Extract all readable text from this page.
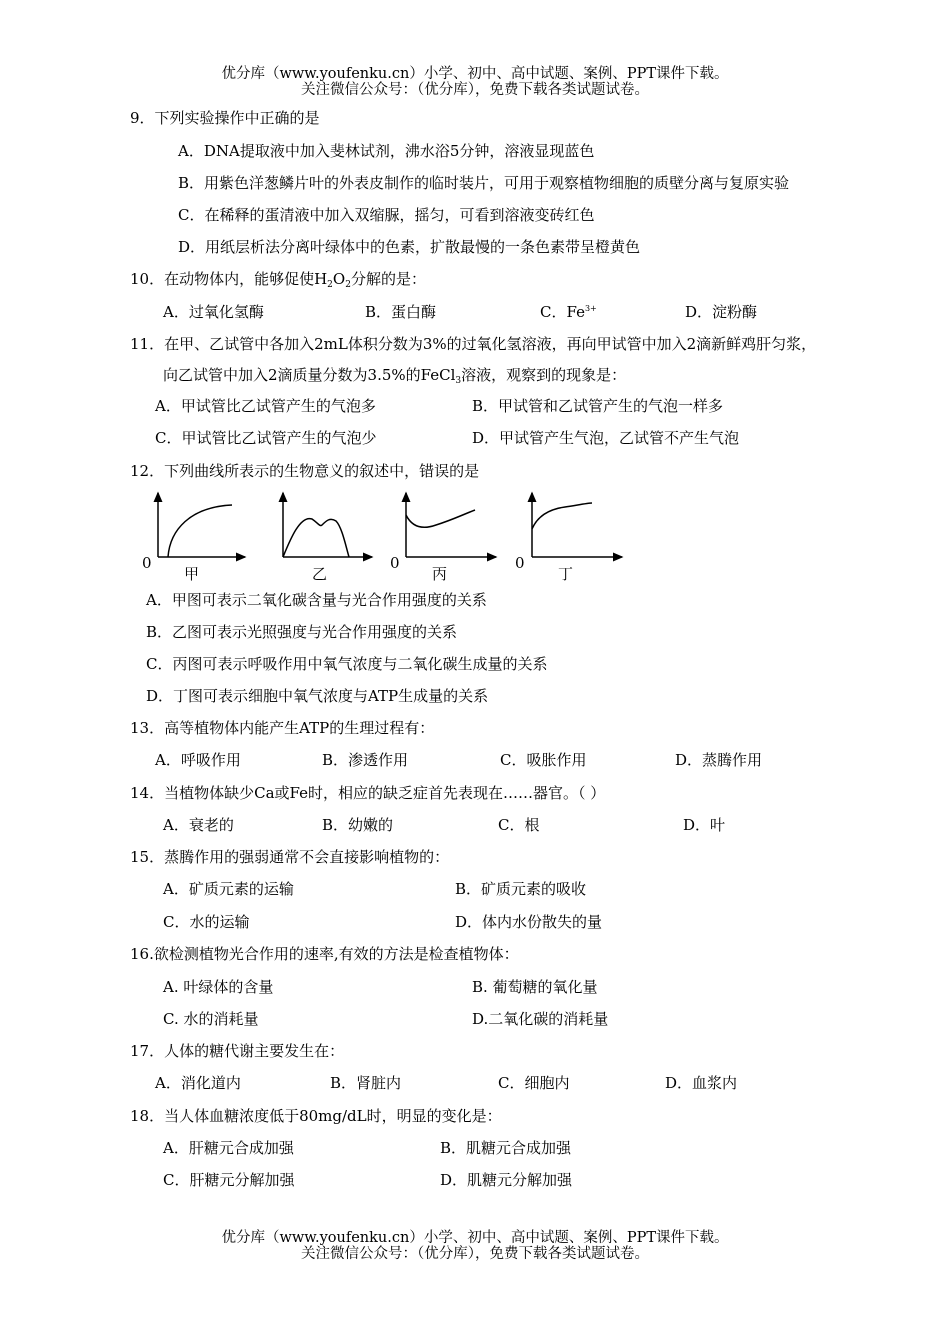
优分库（www.youfenku.cn）小学、初中、高中试题、案例、PPT课件下载。
关注微信公众号：（优分库），免费下载各类试题试卷。
9．下列实验操作中正确的是
A．DNA提取液中加入斐林试剂，沸水浴5分钟，溶液显现蓝色
B．用紫色洋葱鳞片叶的外表皮制作的临时装片，可用于观察植物细胞的质壁分离与复原实验
C．在稀释的蛋清液中加入双缩脲，摇匀，可看到溶液变砖红色
D．用纸层析法分离叶绿体中的色素，扩散最慢的一条色素带呈橙黄色
10．在动物体内，能够促使$H_2O_2$分解的是：
A．过氧化氢酶	B．蛋白酶	C．$Fe^{3+}$	D．淀粉酶
11．在甲、乙试管中各加入2mL体积分数为3%的过氧化氢溶液，再向甲试管中加入2滴新鲜鸡肝匀浆，
向乙试管中加入2滴质量分数为3.5%的FeCl$_3$溶液，观察到的现象是：
A．甲试管比乙试管产生的气泡多	B．甲试管和乙试管产生的气泡一样多
C．甲试管比乙试管产生的气泡少	D．甲试管产生气泡，乙试管不产生气泡
12．下列曲线所表示的生物意义的叙述中，错误的是
0
甲	乙
0
丙
0
丁
A．甲图可表示二氧化碳含量与光合作用强度的关系
B．乙图可表示光照强度与光合作用强度的关系
C．丙图可表示呼吸作用中氧气浓度与二氧化碳生成量的关系
D．丁图可表示细胞中氧气浓度与ATP生成量的关系
13．高等植物体内能产生ATP的生理过程有：
A．呼吸作用	B．渗透作用	C．吸胀作用	D．蒸腾作用
14．当植物体缺少Ca或Fe时，相应的缺乏症首先表现在……器官。（ ）
A．衰老的	B．幼嫩的	C．根	D．叶
15．蒸腾作用的强弱通常不会直接影响植物的：
A．矿质元素的运输	B．矿质元素的吸收
C．水的运输	D．体内水份散失的量
16.欲检测植物光合作用的速率,有效的方法是检查植物体：
A. 叶绿体的含量	B. 葡萄糖的氧化量
C. 水的消耗量	D.二氧化碳的消耗量
17．人体的糖代谢主要发生在：
A．消化道内	B．肾脏内	C．细胞内	D．血浆内
18．当人体血糖浓度低于80mg/dL时，明显的变化是：
A．肝糖元合成加强	B．肌糖元合成加强
C．肝糖元分解加强	D．肌糖元分解加强
优分库（www.youfenku.cn）小学、初中、高中试题、案例、PPT课件下载。
关注微信公众号：（优分库），免费下载各类试题试卷。
